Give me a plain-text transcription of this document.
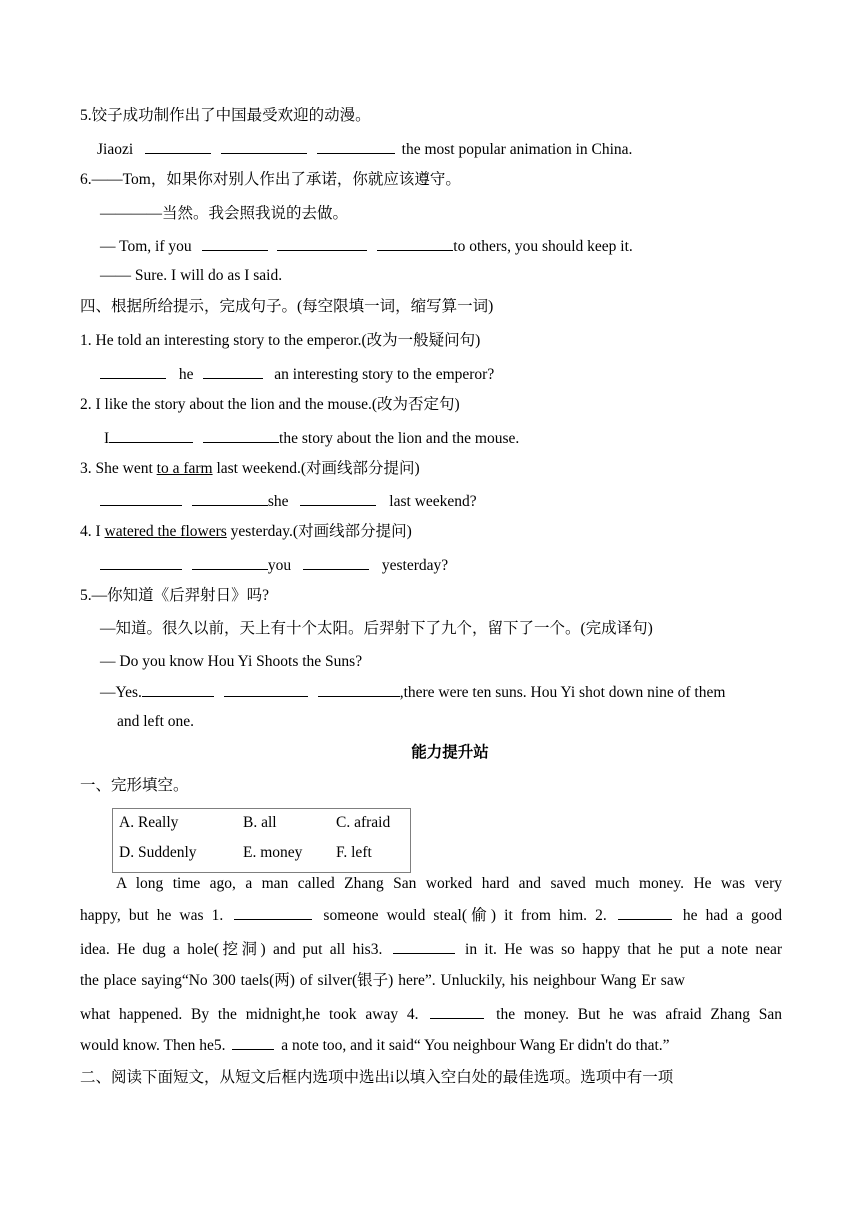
5.饺子成功制作出了中国最受欢迎的动漫。
Jiaozi	the most popular animation in China.
6.——Tom，如果你对别人作出了承诺，你就应该遵守。
————当然。我会照我说的去做。
— Tom, if you	to others, you should keep it.
—— Sure. I will do as I said.
四、根据所给提示，完成句子。(每空限填一词，缩写算一词)
1. He told an interesting story to the emperor.(改为一般疑问句)
he	an interesting story to the emperor?
2. I like the story about the lion and the mouse.(改为否定句)
I	the story about the lion and the mouse.
3. She went to a farm last weekend.(对画线部分提问)
she	last weekend?
4. I watered the flowers yesterday.(对画线部分提问)
you	yesterday?
5.—你知道《后羿射日》吗?
—知道。很久以前，天上有十个太阳。后羿射下了九个，留下了一个。(完成译句)
— Do you know Hou Yi Shoots the Suns?
—Yes.	,there were ten suns. Hou Yi shot down nine of them
and left one.
能力提升站
一、完形填空。
A. Really	B. all	C. afraid
D. Suddenly	E. money F. left
A long time ago, a man called Zhang San worked hard and saved much money. He was very
happy, but he was 1.	someone would steal(偷) it from him. 2.	he had a good
idea. He dug a hole(挖洞) and put all his3.	in it. He was so happy that he put a note near
the place saying“No 300 taels(两) of silver(银子) here”. Unluckily, his neighbour Wang Er saw
what happened. By the midnight,he took away 4.	the money. But he was afraid Zhang San
would know. Then he5.	a note too, and it said“ You neighbour Wang Er didn't do that.”
二、阅读下面短文，从短文后框内选项中选出i以填入空白处的最佳选项。选项中有一项
